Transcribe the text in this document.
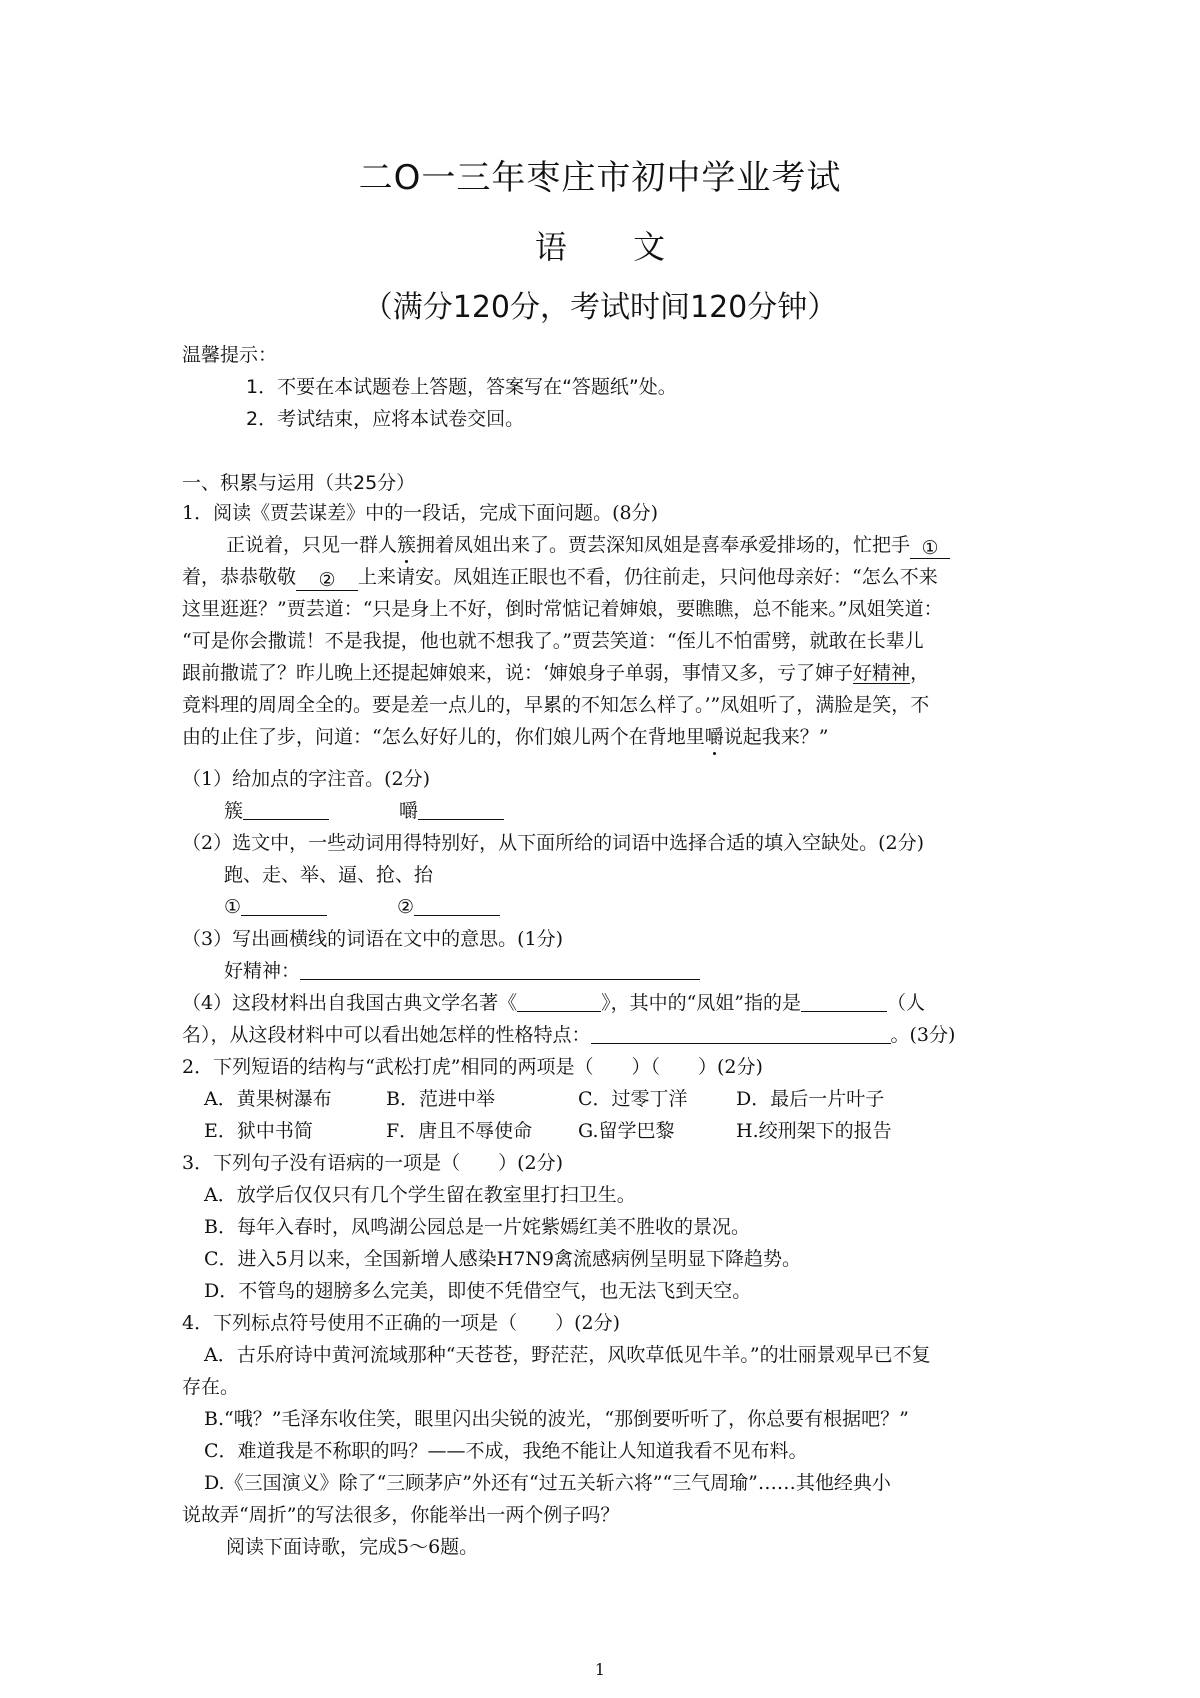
二O一三年枣庄市初中学业考试
语 文
（满分120分，考试时间120分钟）
温馨提示：
1．不要在本试题卷上答题，答案写在“答题纸”处。
2．考试结束，应将本试卷交回。
一、积累与运用（共25分）
1．阅读《贾芸谋差》中的一段话，完成下面问题。(8分)
正说着，只见一群人簇拥着凤姐出来了。贾芸深知凤姐是喜奉承爱排场的，忙把手 ①
着，恭恭敬敬 ② 上来请安。凤姐连正眼也不看，仍往前走，只问他母亲好：“怎么不来
这里逛逛？”贾芸道：“只是身上不好，倒时常惦记着婶娘，要瞧瞧，总不能来。”凤姐笑道：
“可是你会撒谎！不是我提，他也就不想我了。”贾芸笑道：“侄儿不怕雷劈，就敢在长辈儿
跟前撒谎了？昨儿晚上还提起婶娘来，说：‘婶娘身子单弱，事情又多，亏了婶子好精神，
竟料理的周周全全的。要是差一点儿的，早累的不知怎么样了。’”凤姐听了，满脸是笑，不
由的止住了步，问道：“怎么好好儿的，你们娘儿两个在背地里嚼说起我来？”
（1）给加点的字注音。(2分)
簇	嚼
（2）选文中，一些动词用得特别好，从下面所给的词语中选择合适的填入空缺处。(2分)
跑、走、举、逼、抢、抬
①	②
（3）写出画横线的词语在文中的意思。(1分)
好精神：
（4）这段材料出自我国古典文学名著《	》，其中的“凤姐”指的是	（人
名），从这段材料中可以看出她怎样的性格特点：	。(3分)
2．下列短语的结构与“武松打虎”相同的两项是（　　）（　　）(2分)
A．黄果树瀑布	B．范进中举	C．过零丁洋	D．最后一片叶子
E．狱中书简	F．唐且不辱使命 G.留学巴黎	H.绞刑架下的报告
3．下列句子没有语病的一项是（　　）(2分)
A．放学后仅仅只有几个学生留在教室里打扫卫生。
B．每年入春时，凤鸣湖公园总是一片姹紫嫣红美不胜收的景况。
C．进入5月以来，全国新增人感染H7N9禽流感病例呈明显下降趋势。
D．不管鸟的翅膀多么完美，即使不凭借空气，也无法飞到天空。
4．下列标点符号使用不正确的一项是（　　）(2分)
A．古乐府诗中黄河流域那种“天苍苍，野茫茫，风吹草低见牛羊。”的壮丽景观早已不复
存在。
B.“哦？”毛泽东收住笑，眼里闪出尖锐的波光，“那倒要听听了，你总要有根据吧？”
C．难道我是不称职的吗？——不成，我绝不能让人知道我看不见布料。
D.《三国演义》除了“三顾茅庐”外还有“过五关斩六将”“三气周瑜”……其他经典小
说故弄“周折”的写法很多，你能举出一两个例子吗？
阅读下面诗歌，完成5～6题。
1
